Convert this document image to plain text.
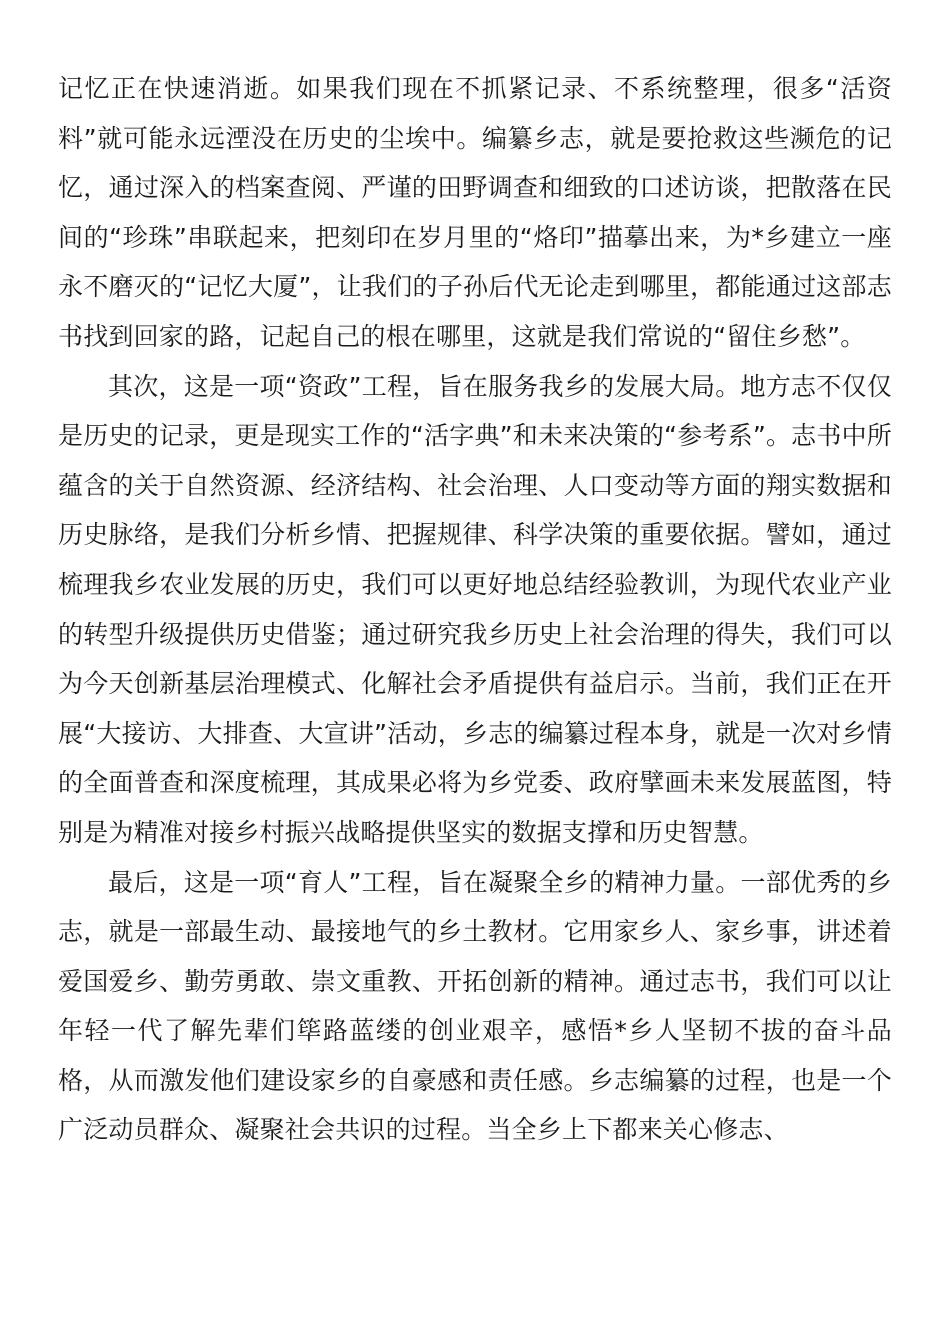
记忆正在快速消逝。如果我们现在不抓紧记录、不系统整理，很多“活资料”就可能永远湮没在历史的尘埃中。编纂乡志，就是要抢救这些濒危的记忆，通过深入的档案查阅、严谨的田野调查和细致的口述访谈，把散落在民间的“珍珠”串联起来，把刻印在岁月里的“烙印”描摹出来，为*乡建立一座永不磨灭的“记忆大厦”，让我们的子孙后代无论走到哪里，都能通过这部志书找到回家的路，记起自己的根在哪里，这就是我们常说的“留住乡愁”。

其次，这是一项“资政”工程，旨在服务我乡的发展大局。地方志不仅仅是历史的记录，更是现实工作的“活字典”和未来决策的“参考系”。志书中所蕴含的关于自然资源、经济结构、社会治理、人口变动等方面的翔实数据和历史脉络，是我们分析乡情、把握规律、科学决策的重要依据。譬如，通过梳理我乡农业发展的历史，我们可以更好地总结经验教训，为现代农业产业的转型升级提供历史借鉴；通过研究我乡历史上社会治理的得失，我们可以为今天创新基层治理模式、化解社会矛盾提供有益启示。当前，我们正在开展“大接访、大排查、大宣讲”活动，乡志的编纂过程本身，就是一次对乡情的全面普查和深度梳理，其成果必将为乡党委、政府擘画未来发展蓝图，特别是为精准对接乡村振兴战略提供坚实的数据支撑和历史智慧。

最后，这是一项“育人”工程，旨在凝聚全乡的精神力量。一部优秀的乡志，就是一部最生动、最接地气的乡土教材。它用家乡人、家乡事，讲述着爱国爱乡、勤劳勇敢、崇文重教、开拓创新的精神。通过志书，我们可以让年轻一代了解先辈们筚路蓝缕的创业艰辛，感悟*乡人坚韧不拔的奋斗品格，从而激发他们建设家乡的自豪感和责任感。乡志编纂的过程，也是一个广泛动员群众、凝聚社会共识的过程。当全乡上下都来关心修志、
